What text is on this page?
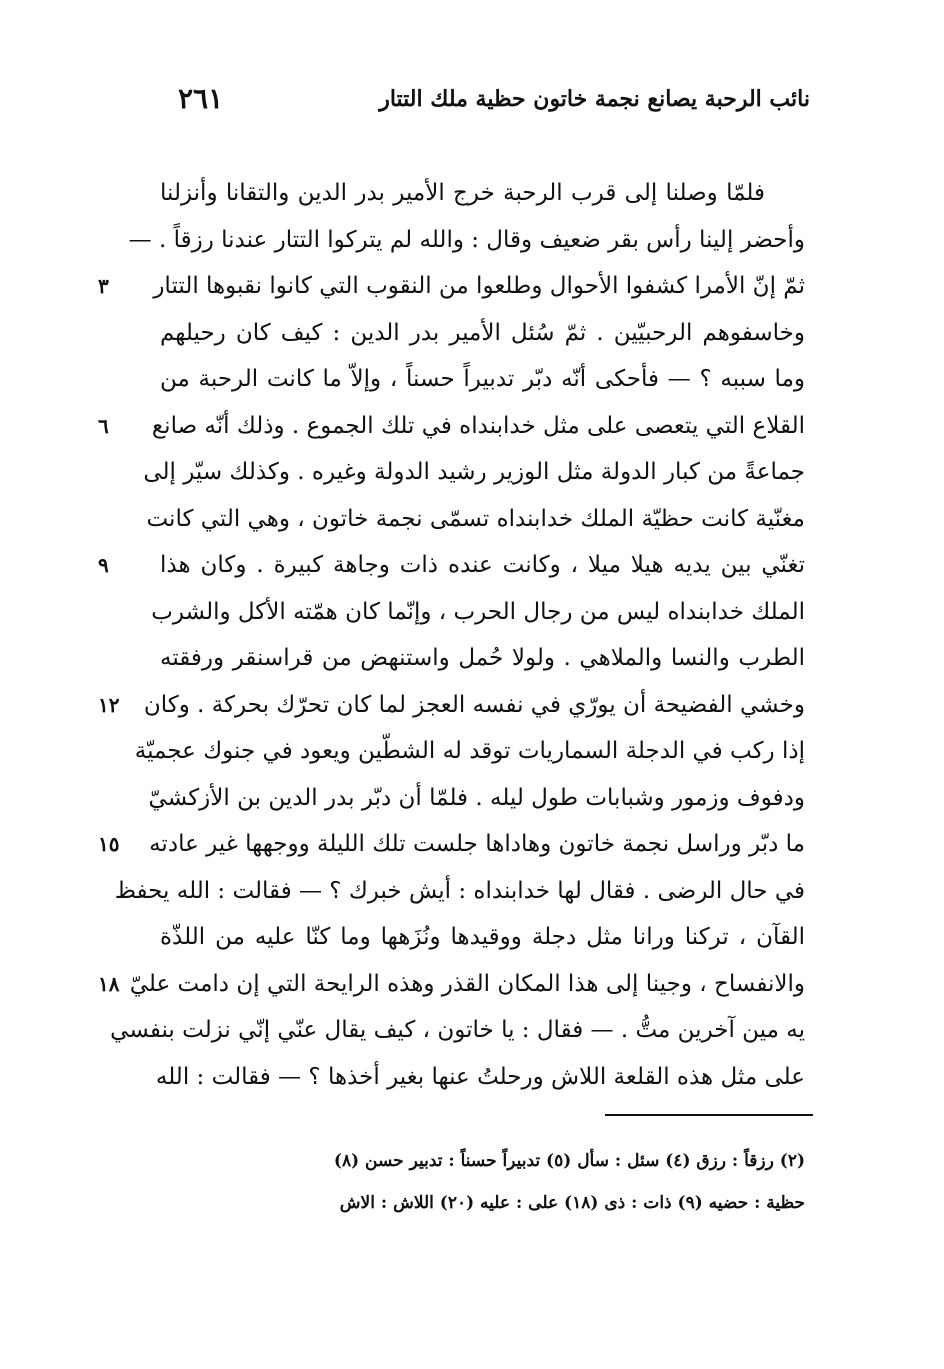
٢٦١	نائب الرحبة يصانع نجمة خاتون حظية ملك التتار
فلمّا وصلنا إلى قرب الرحبة خرج الأمير بدر الدين والتقانا وأنزلنا
وأحضر إلينا رأس بقر ضعيف وقال : والله لم يتركوا التتار عندنا رزقاً . —
ثمّ إنّ الأمرا كشفوا الأحوال وطلعوا من النقوب التي كانوا نقبوها التتار
٣
وخاسفوهم الرحبيّين . ثمّ سُئل الأمير بدر الدين : كيف كان رحيلهم
وما سببه ؟ — فأحكى أنّه دبّر تدبيراً حسناً ، وإلاّ ما كانت الرحبة من
القلاع التي يتعصى على مثل خدابنداه في تلك الجموع . وذلك أنّه صانع
٦
جماعةً من كبار الدولة مثل الوزير رشيد الدولة وغيره . وكذلك سيّر إلى
مغنّية كانت حظيّة الملك خدابنداه تسمّى نجمة خاتون ، وهي التي كانت
تغنّي بين يديه هيلا ميلا ، وكانت عنده ذات وجاهة كبيرة . وكان هذا
٩
الملك خدابنداه ليس من رجال الحرب ، وإنّما كان همّته الأكل والشرب
الطرب والنسا والملاهي . ولولا حُمل واستنهض من قراسنقر ورفقته
وخشي الفضيحة أن يورّي في نفسه العجز لما كان تحرّك بحركة . وكان
١٢
إذا ركب في الدجلة السماريات توقد له الشطّين ويعود في جنوك عجميّة
ودفوف وزمور وشبابات طول ليله . فلمّا أن دبّر بدر الدين بن الأزكشيّ
ما دبّر وراسل نجمة خاتون وهاداها جلست تلك الليلة ووجهها غير عادته
١٥
في حال الرضى . فقال لها خدابنداه : أيش خبرك ؟ — فقالت : الله يحفظ
القآن ، تركنا ورانا مثل دجلة ووقيدها ونُزَهها وما كنّا عليه من اللذّة
والانفساح ، وجينا إلى هذا المكان القذر وهذه الرايحة التي إن دامت عليّ
١٨
يه مين آخرين متُّ . — فقال : يا خاتون ، كيف يقال عنّي إنّي نزلت بنفسي
على مثل هذه القلعة اللاش ورحلتُ عنها بغير أخذها ؟ — فقالت : الله
(٢) رزقاً : رزق (٤) سئل : سأل (٥) تدبيراً حسناً : تدبير حسن (٨)
حظية : حضيه (٩) ذات : ذى (١٨) على : عليه (٢٠) اللاش : الاش
